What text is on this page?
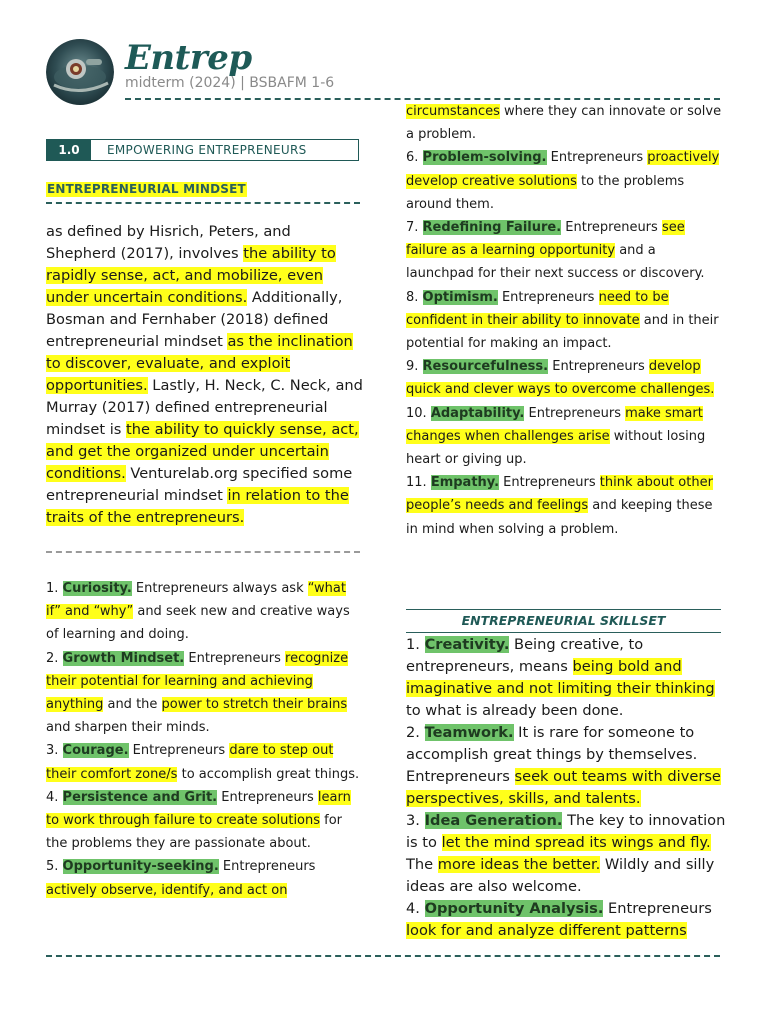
Entrep
midterm (2024) | BSBAFM 1-6
1.0	EMPOWERING ENTREPRENEURS
ENTREPRENEURIAL MINDSET
as defined by Hisrich, Peters, and Shepherd (2017), involves the ability to rapidly sense, act, and mobilize, even under uncertain conditions. Additionally, Bosman and Fernhaber (2018) defined entrepreneurial mindset as the inclination to discover, evaluate, and exploit opportunities. Lastly, H. Neck, C. Neck, and Murray (2017) defined entrepreneurial mindset is the ability to quickly sense, act, and get the organized under uncertain conditions. Venturelab.org specified some entrepreneurial mindset in relation to the traits of the entrepreneurs.

1. Curiosity. Entrepreneurs always ask “what if” and “why” and seek new and creative ways of learning and doing.

2. Growth Mindset. Entrepreneurs recognize their potential for learning and achieving anything and the power to stretch their brains and sharpen their minds.

3. Courage. Entrepreneurs dare to step out their comfort zone/s to accomplish great things.

4. Persistence and Grit. Entrepreneurs learn to work through failure to create solutions for the problems they are passionate about.

5. Opportunity-seeking. Entrepreneurs actively observe, identify, and act on

circumstances where they can innovate or solve a problem.

6. Problem-solving. Entrepreneurs proactively develop creative solutions to the problems around them.

7. Redefining Failure. Entrepreneurs see failure as a learning opportunity and a launchpad for their next success or discovery.

8. Optimism. Entrepreneurs need to be confident in their ability to innovate and in their potential for making an impact.

9. Resourcefulness. Entrepreneurs develop quick and clever ways to overcome challenges.

10. Adaptability. Entrepreneurs make smart changes when challenges arise without losing heart or giving up.

11. Empathy. Entrepreneurs think about other people’s needs and feelings and keeping these in mind when solving a problem.

ENTREPRENEURIAL SKILLSET

1. Creativity. Being creative, to entrepreneurs, means being bold and imaginative and not limiting their thinking to what is already been done.

2. Teamwork. It is rare for someone to accomplish great things by themselves. Entrepreneurs seek out teams with diverse perspectives, skills, and talents.

3. Idea Generation. The key to innovation is to let the mind spread its wings and fly. The more ideas the better. Wildly and silly ideas are also welcome.

4. Opportunity Analysis. Entrepreneurs look for and analyze different patterns
